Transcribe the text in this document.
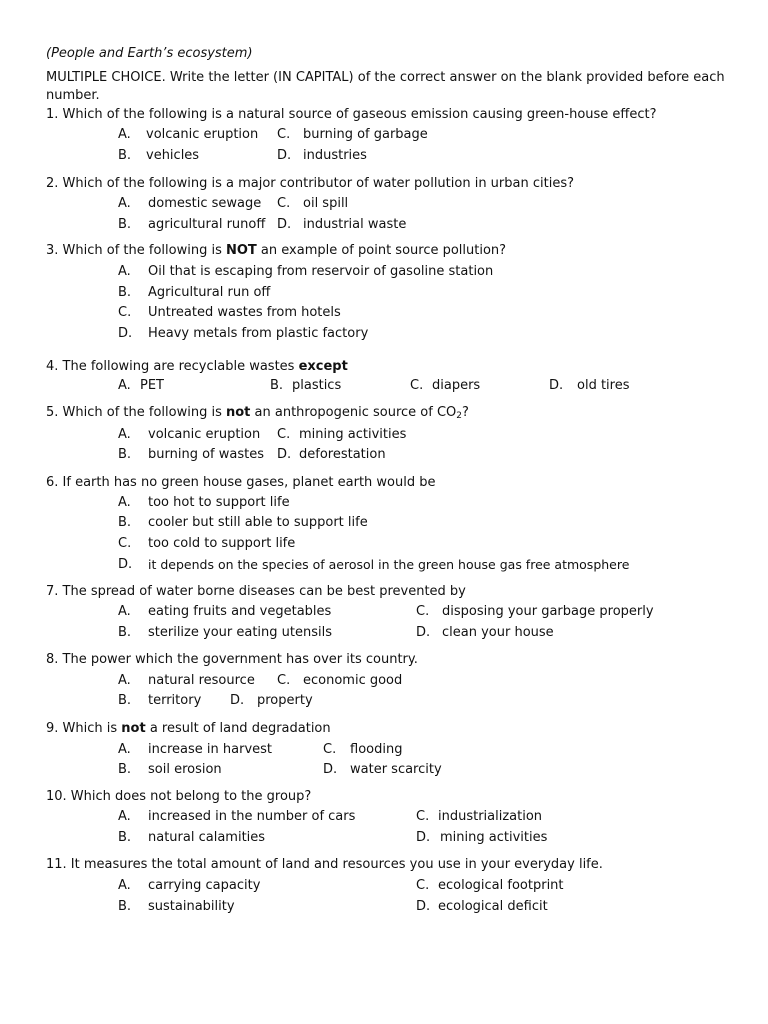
(People and Earth’s ecosystem)
MULTIPLE CHOICE. Write the letter (IN CAPITAL) of the correct answer on the blank provided before each number.
1. Which of the following is a natural source of gaseous emission causing green-house effect?
A. volcanic eruption C. burning of garbage
B. vehicles	D. industries
2. Which of the following is a major contributor of water pollution in urban cities?
A. domestic sewage C. oil spill
B. agricultural runoff D. industrial waste
3. Which of the following is NOT an example of point source pollution?
A. Oil that is escaping from reservoir of gasoline station
B. Agricultural run off
C. Untreated wastes from hotels
D. Heavy metals from plastic factory
4. The following are recyclable wastes except
A. PET	B. plastics	C. diapers	D. old tires
5. Which of the following is not an anthropogenic source of $CO_2$?
A. volcanic eruption C. mining activities
B. burning of wastes D. deforestation
6. If earth has no green house gases, planet earth would be
A. too hot to support life
B. cooler but still able to support life
C. too cold to support life
D. it depends on the species of aerosol in the green house gas free atmosphere
7. The spread of water borne diseases can be best prevented by
A. eating fruits and vegetables	C. disposing your garbage properly
B. sterilize your eating utensils	D. clean your house
8. The power which the government has over its country.
A. natural resource C. economic good
B. territory D. property
9. Which is not a result of land degradation
A. increase in harvest	C. flooding
B. soil erosion	D. water scarcity
10. Which does not belong to the group?
A. increased in the number of cars	C. industrialization
B. natural calamities	D. mining activities
11. It measures the total amount of land and resources you use in your everyday life.
A. carrying capacity	C. ecological footprint
B. sustainability	D. ecological deficit
